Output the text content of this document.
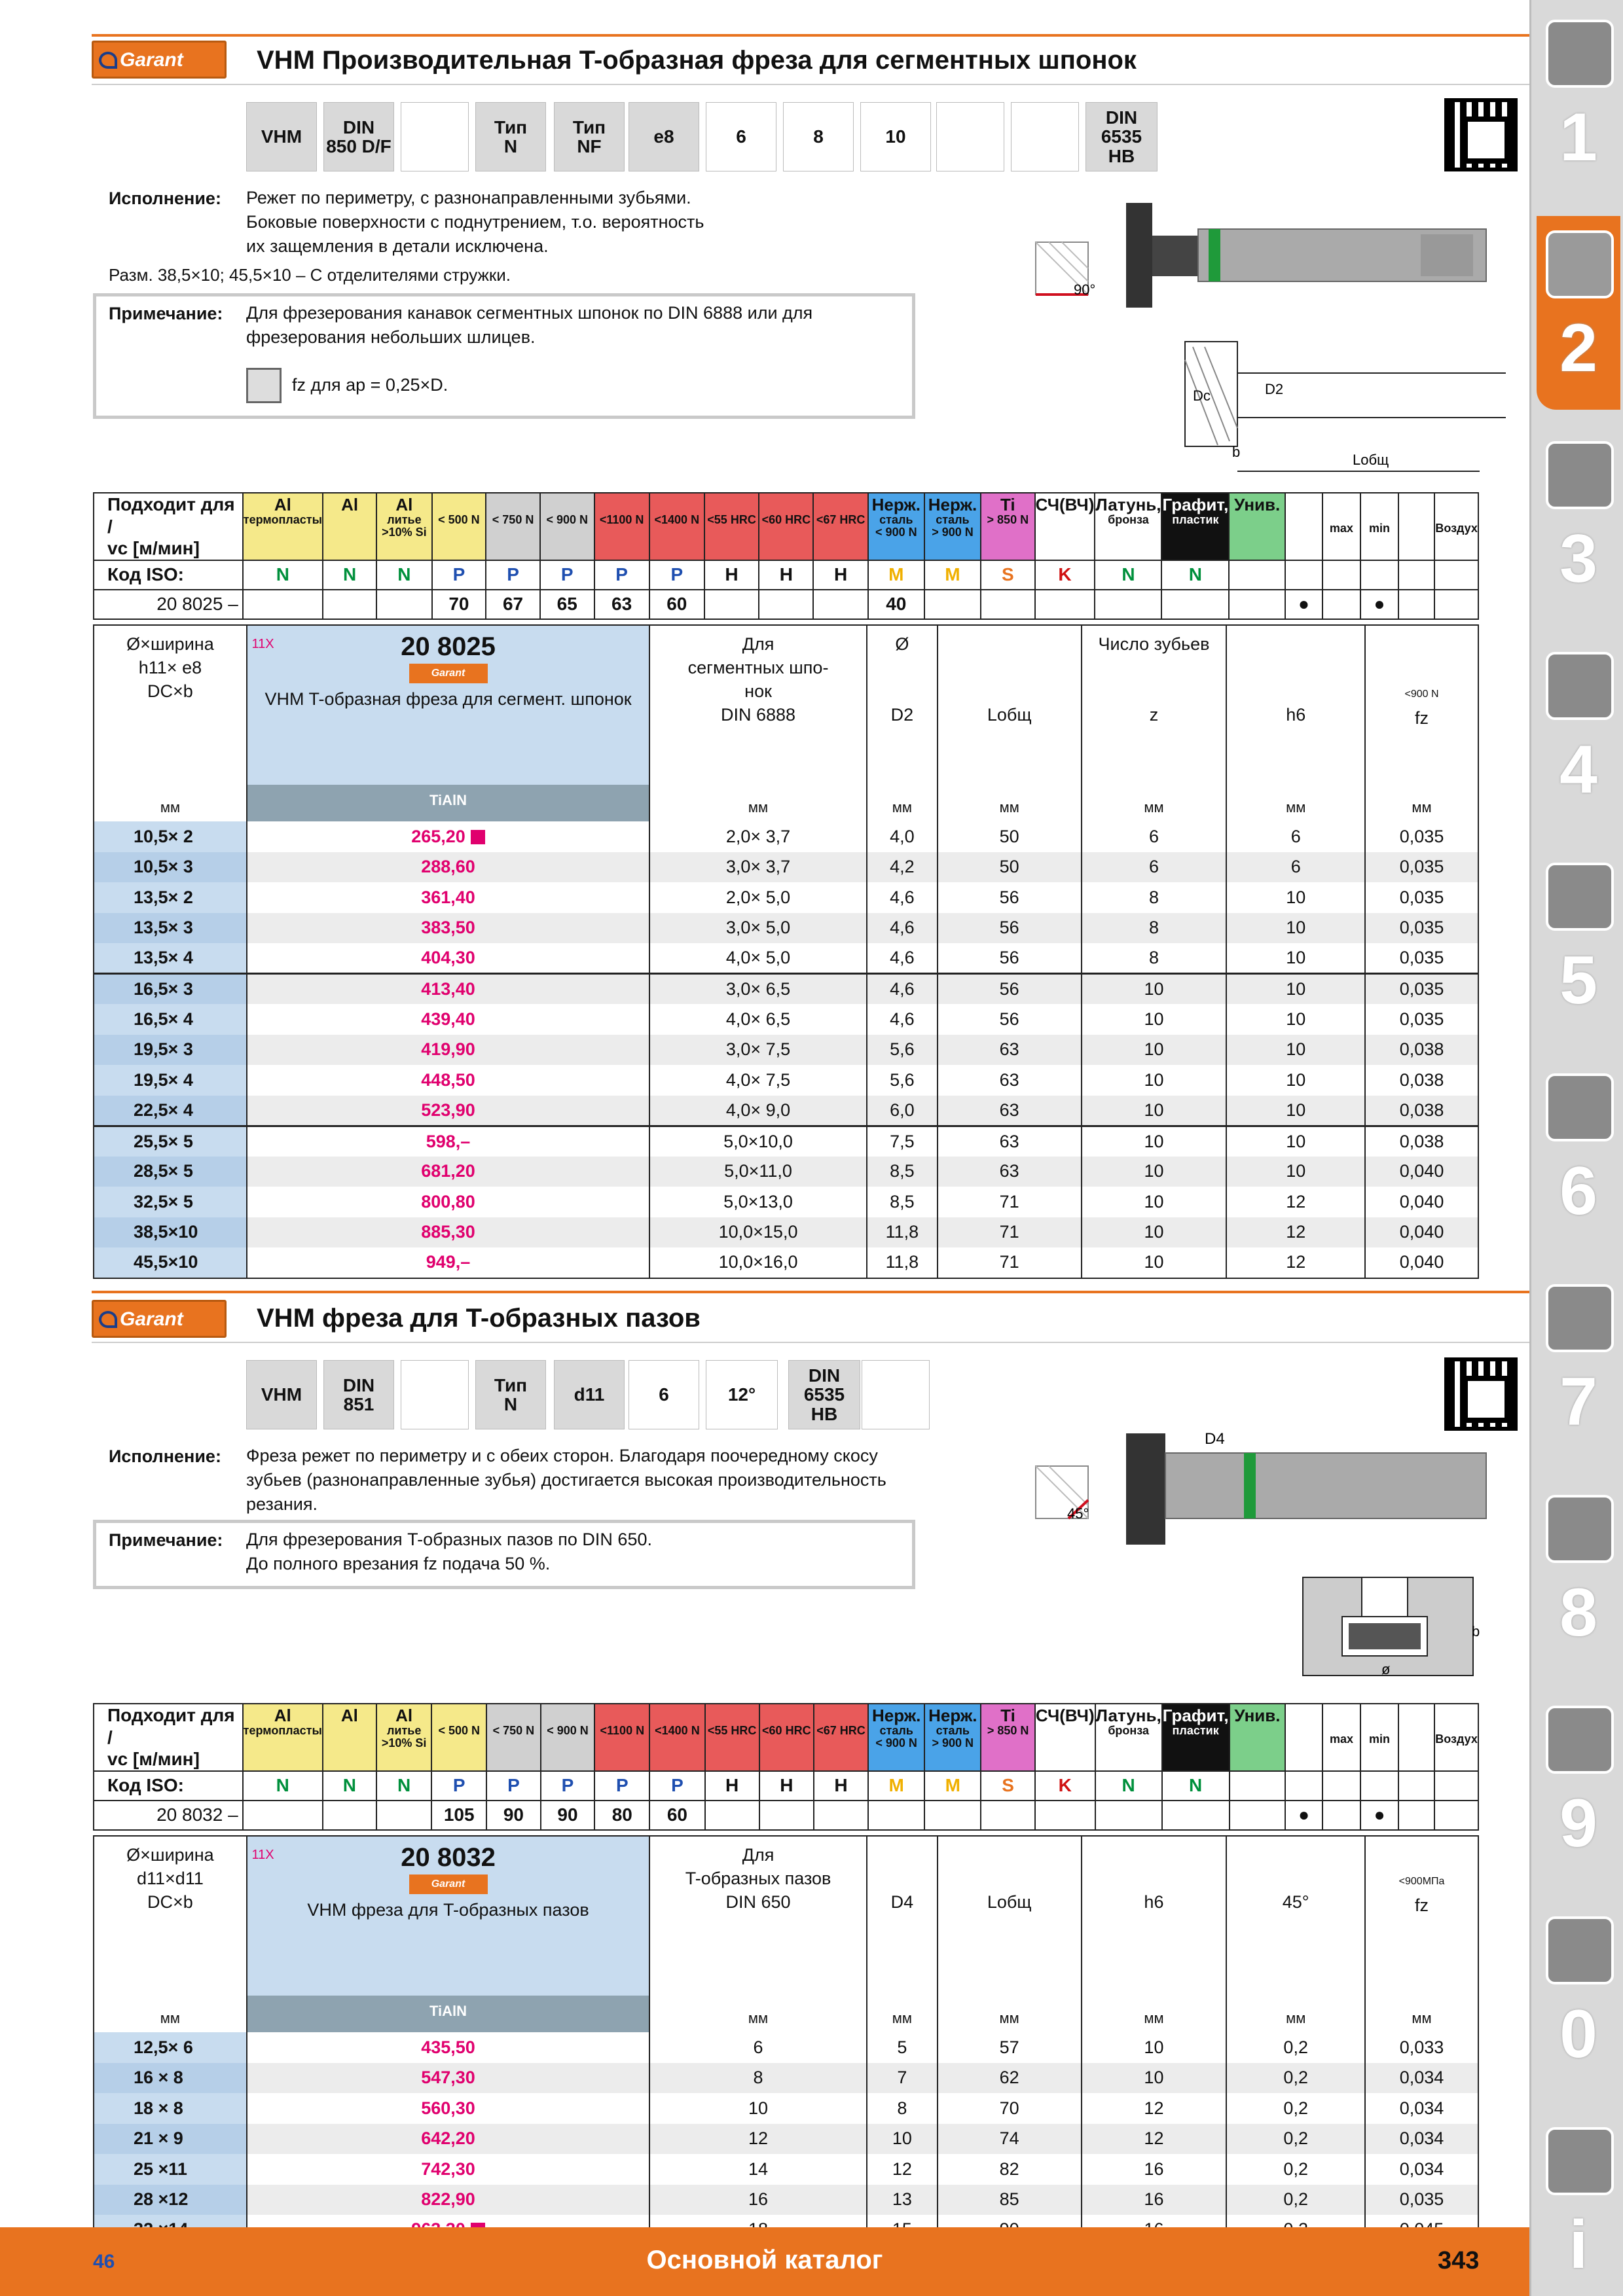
1
2
3
4
5
6
7
8
9
0
i
Garant	VHM Производительная T-образная фреза для сегментных шпонок
VHM	DIN
850 D/F
Тип
N
Тип
NF	e8	6	8	10
DIN
6535 HB
Исполнение: Режет по периметру, с разнонаправленными зубьями.
Боковые поверхности с поднутрением, т.о. вероятность
их защемления в детали исключена.
Разм. 38,5×10; 45,5×10 – С отделителями стружки.
Примечание: Для фрезерования канавок сегментных шпонок по DIN 6888 или для
фрезерования небольших шлицев.
fz для ap = 0,25×D.
90°
Dc	D2
b	Lобщ
Подходит для /
vc [м/мин]	Al
термопласты	Al	Al
литье
>10% Si	< 500 N	< 750 N	< 900 N	<1100 N	<1400 N	<55 HRC	<60 HRC	<67 HRC	Нерж.
сталь
< 900 N	Нерж.
сталь
> 900 N	Ti
> 850 N	СЧ(ВЧ)	Латунь,
бронза	Графит,
пластик	Унив.		max	min		Воздух

Код ISO:	N	N	N	P	P	P	P	P	H	H	H	M	M	S	K	N	N						
20 8025 –				70	67	65	63	60				40							●		●		
Ø×ширина
h11× e8
DC×b	11X 20 8025
Garant
VHM T-образная фреза для сегмент. шпонок	Для
сегментных шпо-
нок
DIN 6888	Ø

D2	Lобщ	Число зубьев

z	h6	<900 N
fz
мм	TiAlN	мм	мм	мм	мм	мм	мм
10,5× 2	265,20	2,0× 3,7	4,0	50	6	6	0,035
10,5× 3	288,60	3,0× 3,7	4,2	50	6	6	0,035
13,5× 2	361,40	2,0× 5,0	4,6	56	8	10	0,035
13,5× 3	383,50	3,0× 5,0	4,6	56	8	10	0,035
13,5× 4	404,30	4,0× 5,0	4,6	56	8	10	0,035
16,5× 3	413,40	3,0× 6,5	4,6	56	10	10	0,035
16,5× 4	439,40	4,0× 6,5	4,6	56	10	10	0,035
19,5× 3	419,90	3,0× 7,5	5,6	63	10	10	0,038
19,5× 4	448,50	4,0× 7,5	5,6	63	10	10	0,038
22,5× 4	523,90	4,0× 9,0	6,0	63	10	10	0,038
25,5× 5	598,–	5,0×10,0	7,5	63	10	10	0,038
28,5× 5	681,20	5,0×11,0	8,5	63	10	10	0,040
32,5× 5	800,80	5,0×13,0	8,5	71	10	12	0,040
38,5×10	885,30	10,0×15,0	11,8	71	10	12	0,040
45,5×10	949,–	10,0×16,0	11,8	71	10	12	0,040
Garant	VHM фреза для T-образных пазов
VHM	DIN
851
Тип
N	d11	6	12°
DIN
6535 HB
Исполнение: Фреза режет по периметру и с обеих сторон. Благодаря поочередному скосу
зубьев (разнонаправленные зубья) достигается высокая производительность
резания.
Примечание: Для фрезерования T-образных пазов по DIN 650.
До полного врезания fz подача 50 %.
45°
D4
b
ø
Подходит для /
vc [м/мин]	Al
термопласты	Al	Al
литье
>10% Si	< 500 N	< 750 N	< 900 N	<1100 N	<1400 N	<55 HRC	<60 HRC	<67 HRC	Нерж.
сталь
< 900 N	Нерж.
сталь
> 900 N	Ti
> 850 N	СЧ(ВЧ)	Латунь,
бронза	Графит,
пластик	Унив.		max	min		Воздух

Код ISO:	N	N	N	P	P	P	P	P	H	H	H	M	M	S	K	N	N						
20 8032 –				105	90	90	80	60											●		●		
Ø×ширина
d11×d11
DC×b	11X 20 8032
Garant
VHM фреза для T-образных пазов	Для
T-образных пазов
DIN 650	D4	Lобщ	h6	45°	<900МПа
fz
мм	TiAlN	мм	мм	мм	мм	мм	мм
12,5× 6	435,50	6	5	57	10	0,2	0,033
16 × 8	547,30	8	7	62	10	0,2	0,034
18 × 8	560,30	10	8	70	12	0,2	0,034
21 × 9	642,20	12	10	74	12	0,2	0,034
25 ×11	742,30	14	12	82	16	0,2	0,034
28 ×12	822,90	16	13	85	16	0,2	0,035

46	Основной каталог	343
